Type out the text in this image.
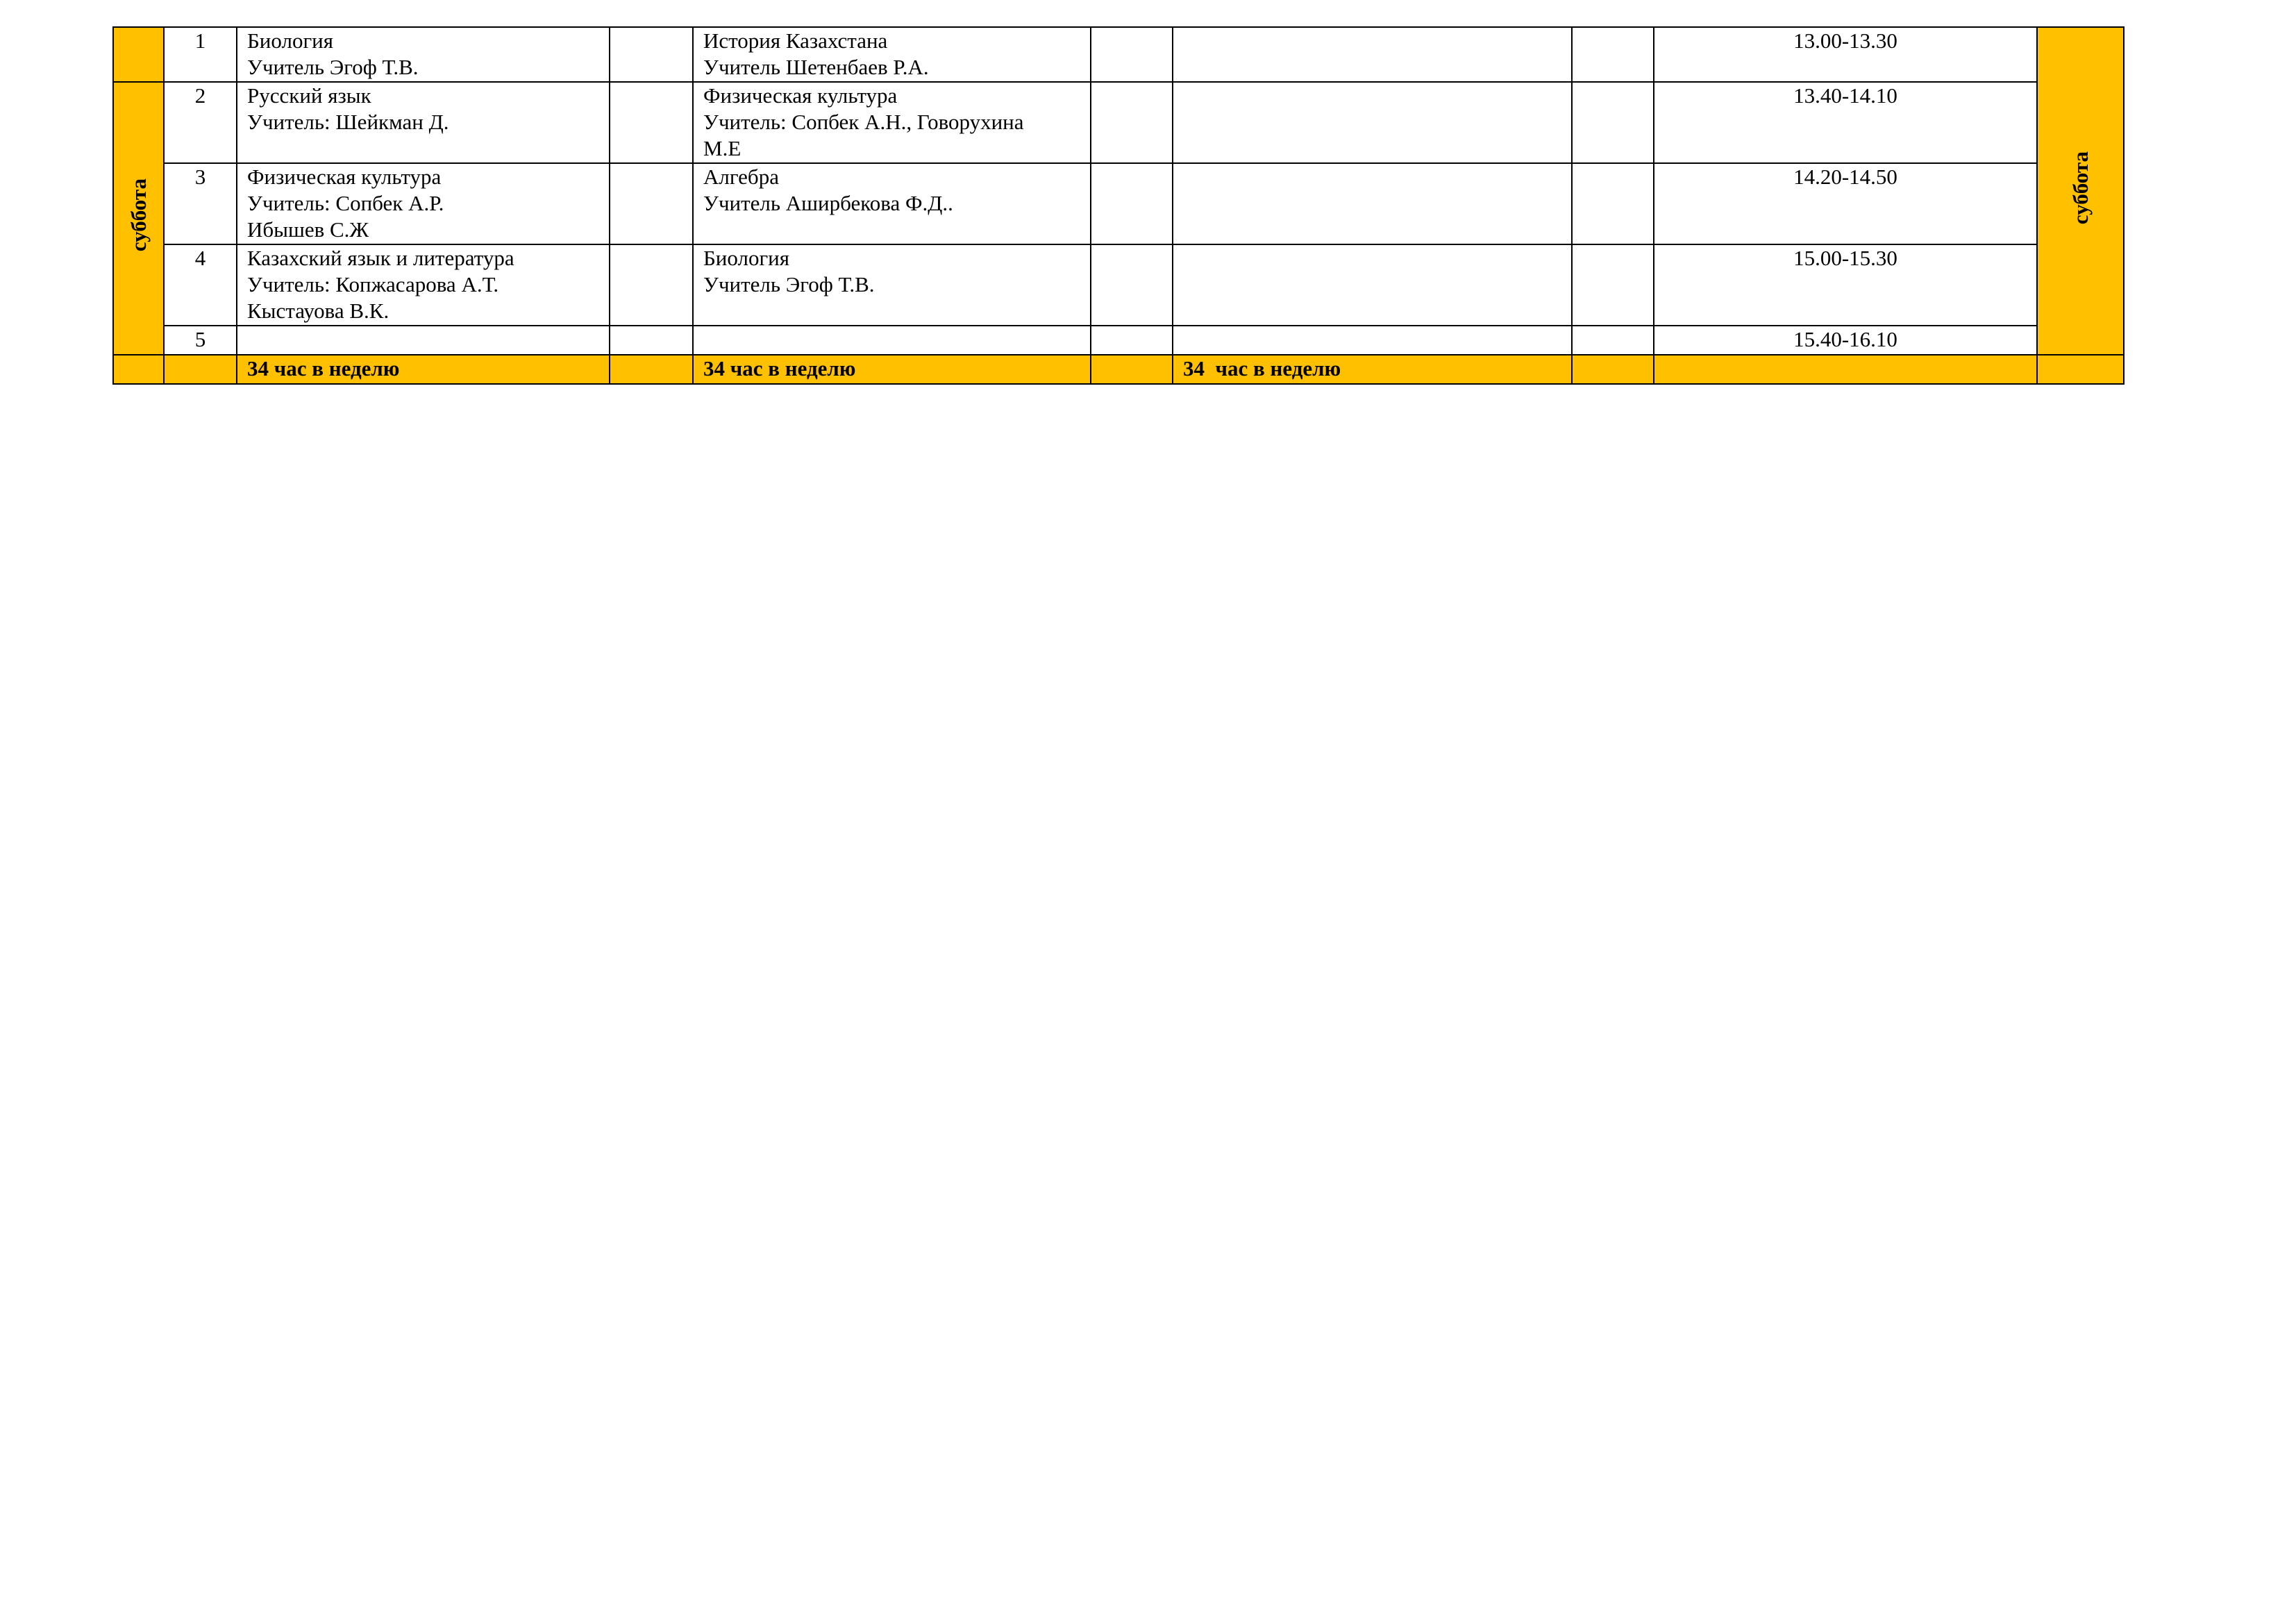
	1	Биология
Учитель Эгоф Т.В.		История Казахстана
Учитель Шетенбаев Р.А.				13.00-13.30	суббота
суббота	2	Русский язык
Учитель: Шейкман Д.		Физическая культура
Учитель: Сопбек А.Н., Говорухина
М.Е				13.40-14.10	
	3	Физическая культура
Учитель: Сопбек А.Р.
Ибышев С.Ж		Алгебра
Учитель Аширбекова Ф.Д..				14.20-14.50	
	4	Казахский язык и литература
Учитель: Копжасарова А.Т.
Кыстауова В.К.		Биология
Учитель Эгоф Т.В.				15.00-15.30	
	5							15.40-16.10	
		34 час в неделю		34 час в неделю		34  час в неделю			
